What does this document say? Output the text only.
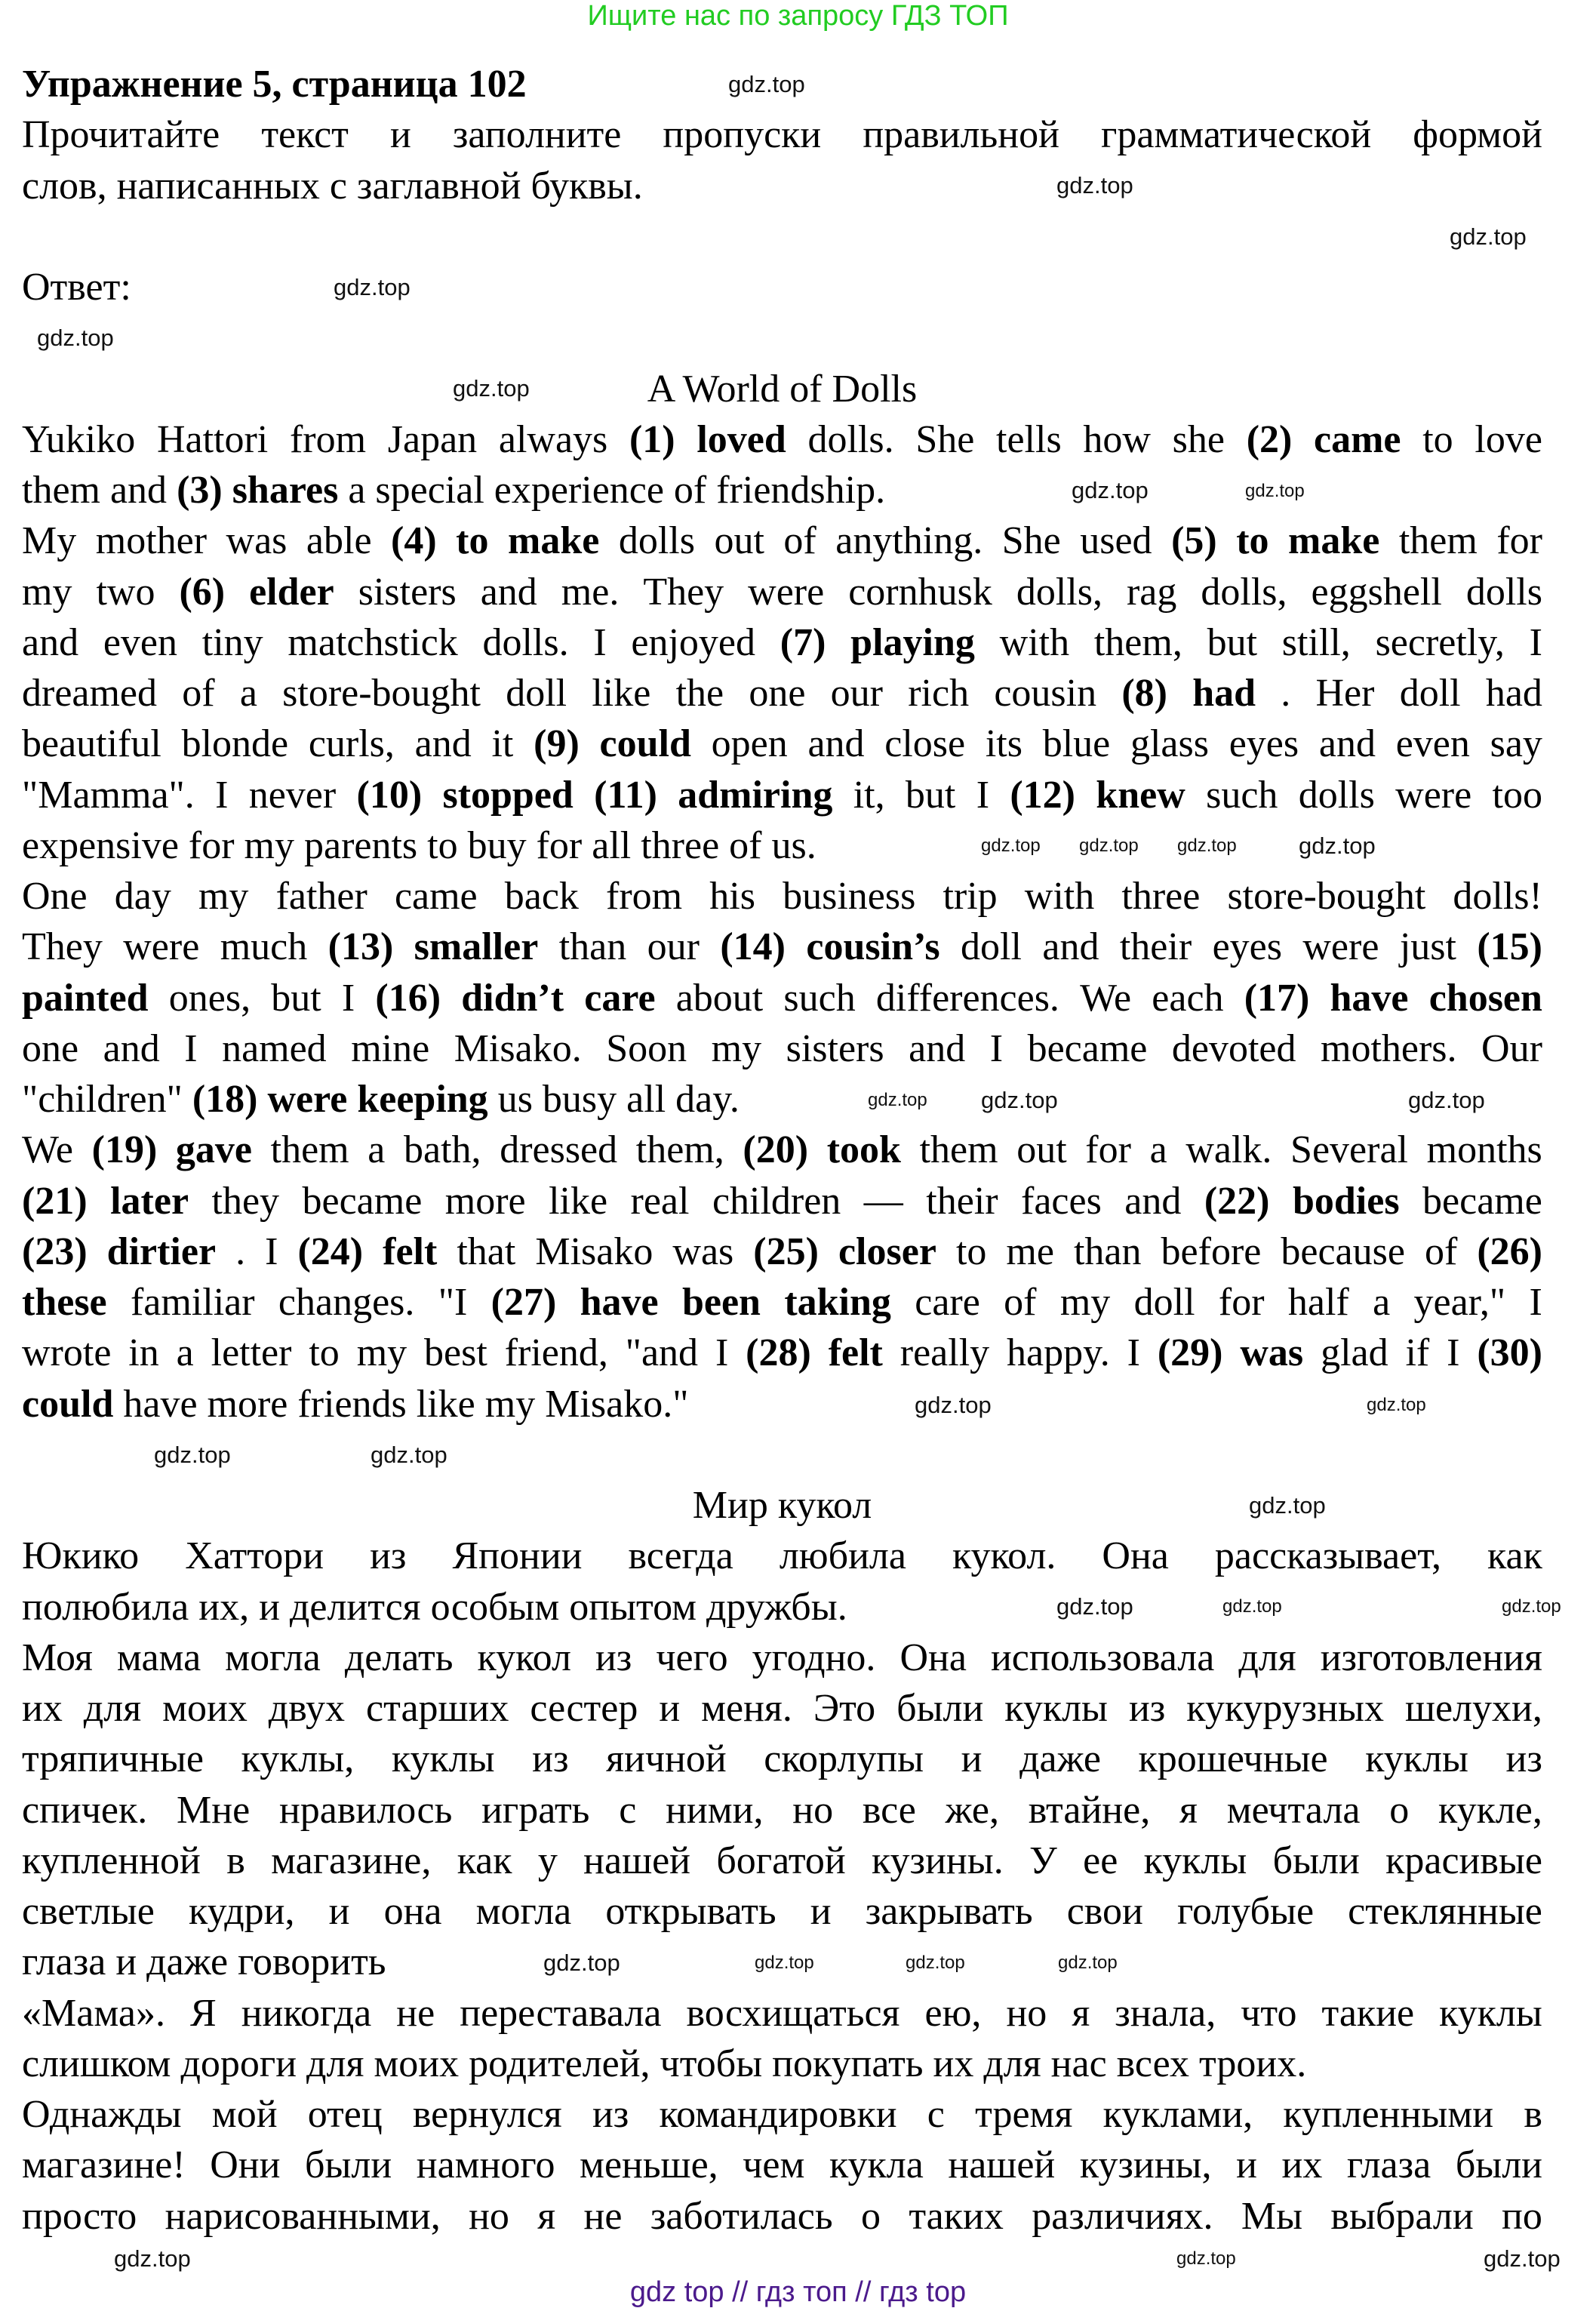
Ищите нас по запросу ГДЗ ТОП
Упражнение 5, страница 102
Прочитайте текст и заполните пропуски правильной грамматической формой
слов, написанных с заглавной буквы.

Ответ:

A World of Dolls
Yukiko Hattori from Japan always (1) loved dolls. She tells how she (2) came to love
them and (3) shares a special experience of friendship.
My mother was able (4) to make dolls out of anything. She used (5) to make them for
my two (6) elder sisters and me. They were cornhusk dolls, rag dolls, eggshell dolls
and even tiny matchstick dolls. I enjoyed (7) playing with them, but still, secretly, I
dreamed of a store-bought doll like the one our rich cousin (8) had . Her doll had
beautiful blonde curls, and it (9) could open and close its blue glass eyes and even say
"Mamma". I never (10) stopped (11) admiring it, but I (12) knew such dolls were too
expensive for my parents to buy for all three of us.
One day my father came back from his business trip with three store-bought dolls!
They were much (13) smaller than our (14) cousin’s doll and their eyes were just (15)
painted ones, but I (16) didn’t care about such differences. We each (17) have chosen
one and I named mine Misako. Soon my sisters and I became devoted mothers. Our
"children" (18) were keeping us busy all day.
We (19) gave them a bath, dressed them, (20) took them out for a walk. Several months
(21) later they became more like real children — their faces and (22) bodies became
(23) dirtier . I (24) felt that Misako was (25) closer to me than before because of (26)
these familiar changes. "I (27) have been taking care of my doll for half a year," I
wrote in a letter to my best friend, "and I (28) felt really happy. I (29) was glad if I (30)
could have more friends like my Misako."

Мир кукол
Юкико Хаттори из Японии всегда любила кукол. Она рассказывает, как
полюбила их, и делится особым опытом дружбы.
Моя мама могла делать кукол из чего угодно. Она использовала для изготовления
их для моих двух старших сестер и меня. Это были куклы из кукурузных шелухи,
тряпичные куклы, куклы из яичной скорлупы и даже крошечные куклы из
спичек. Мне нравилось играть с ними, но все же, втайне, я мечтала о кукле,
купленной в магазине, как у нашей богатой кузины. У ее куклы были красивые
светлые кудри, и она могла открывать и закрывать свои голубые стеклянные
глаза и даже говорить
«Мама». Я никогда не переставала восхищаться ею, но я знала, что такие куклы
слишком дороги для моих родителей, чтобы покупать их для нас всех троих.
Однажды мой отец вернулся из командировки с тремя куклами, купленными в
магазине! Они были намного меньше, чем кукла нашей кузины, и их глаза были
просто нарисованными, но я не заботилась о таких различиях. Мы выбрали по
gdz.top
gdz.top
gdz.top
gdz.top
gdz.top
gdz.top
gdz.top	gdz.top
gdz.top gdz.top gdz.top	gdz.top
gdz.top gdz.top	gdz.top
gdz.top
gdz.top
gdz.top	gdz.top
gdz.top
gdz.top	gdz.top
gdz.top
gdz.top
gdz.top	gdz.top
gdz.top
gdz.top
gdz.top
gdz.top
gdz top // гдз топ // гдз top
